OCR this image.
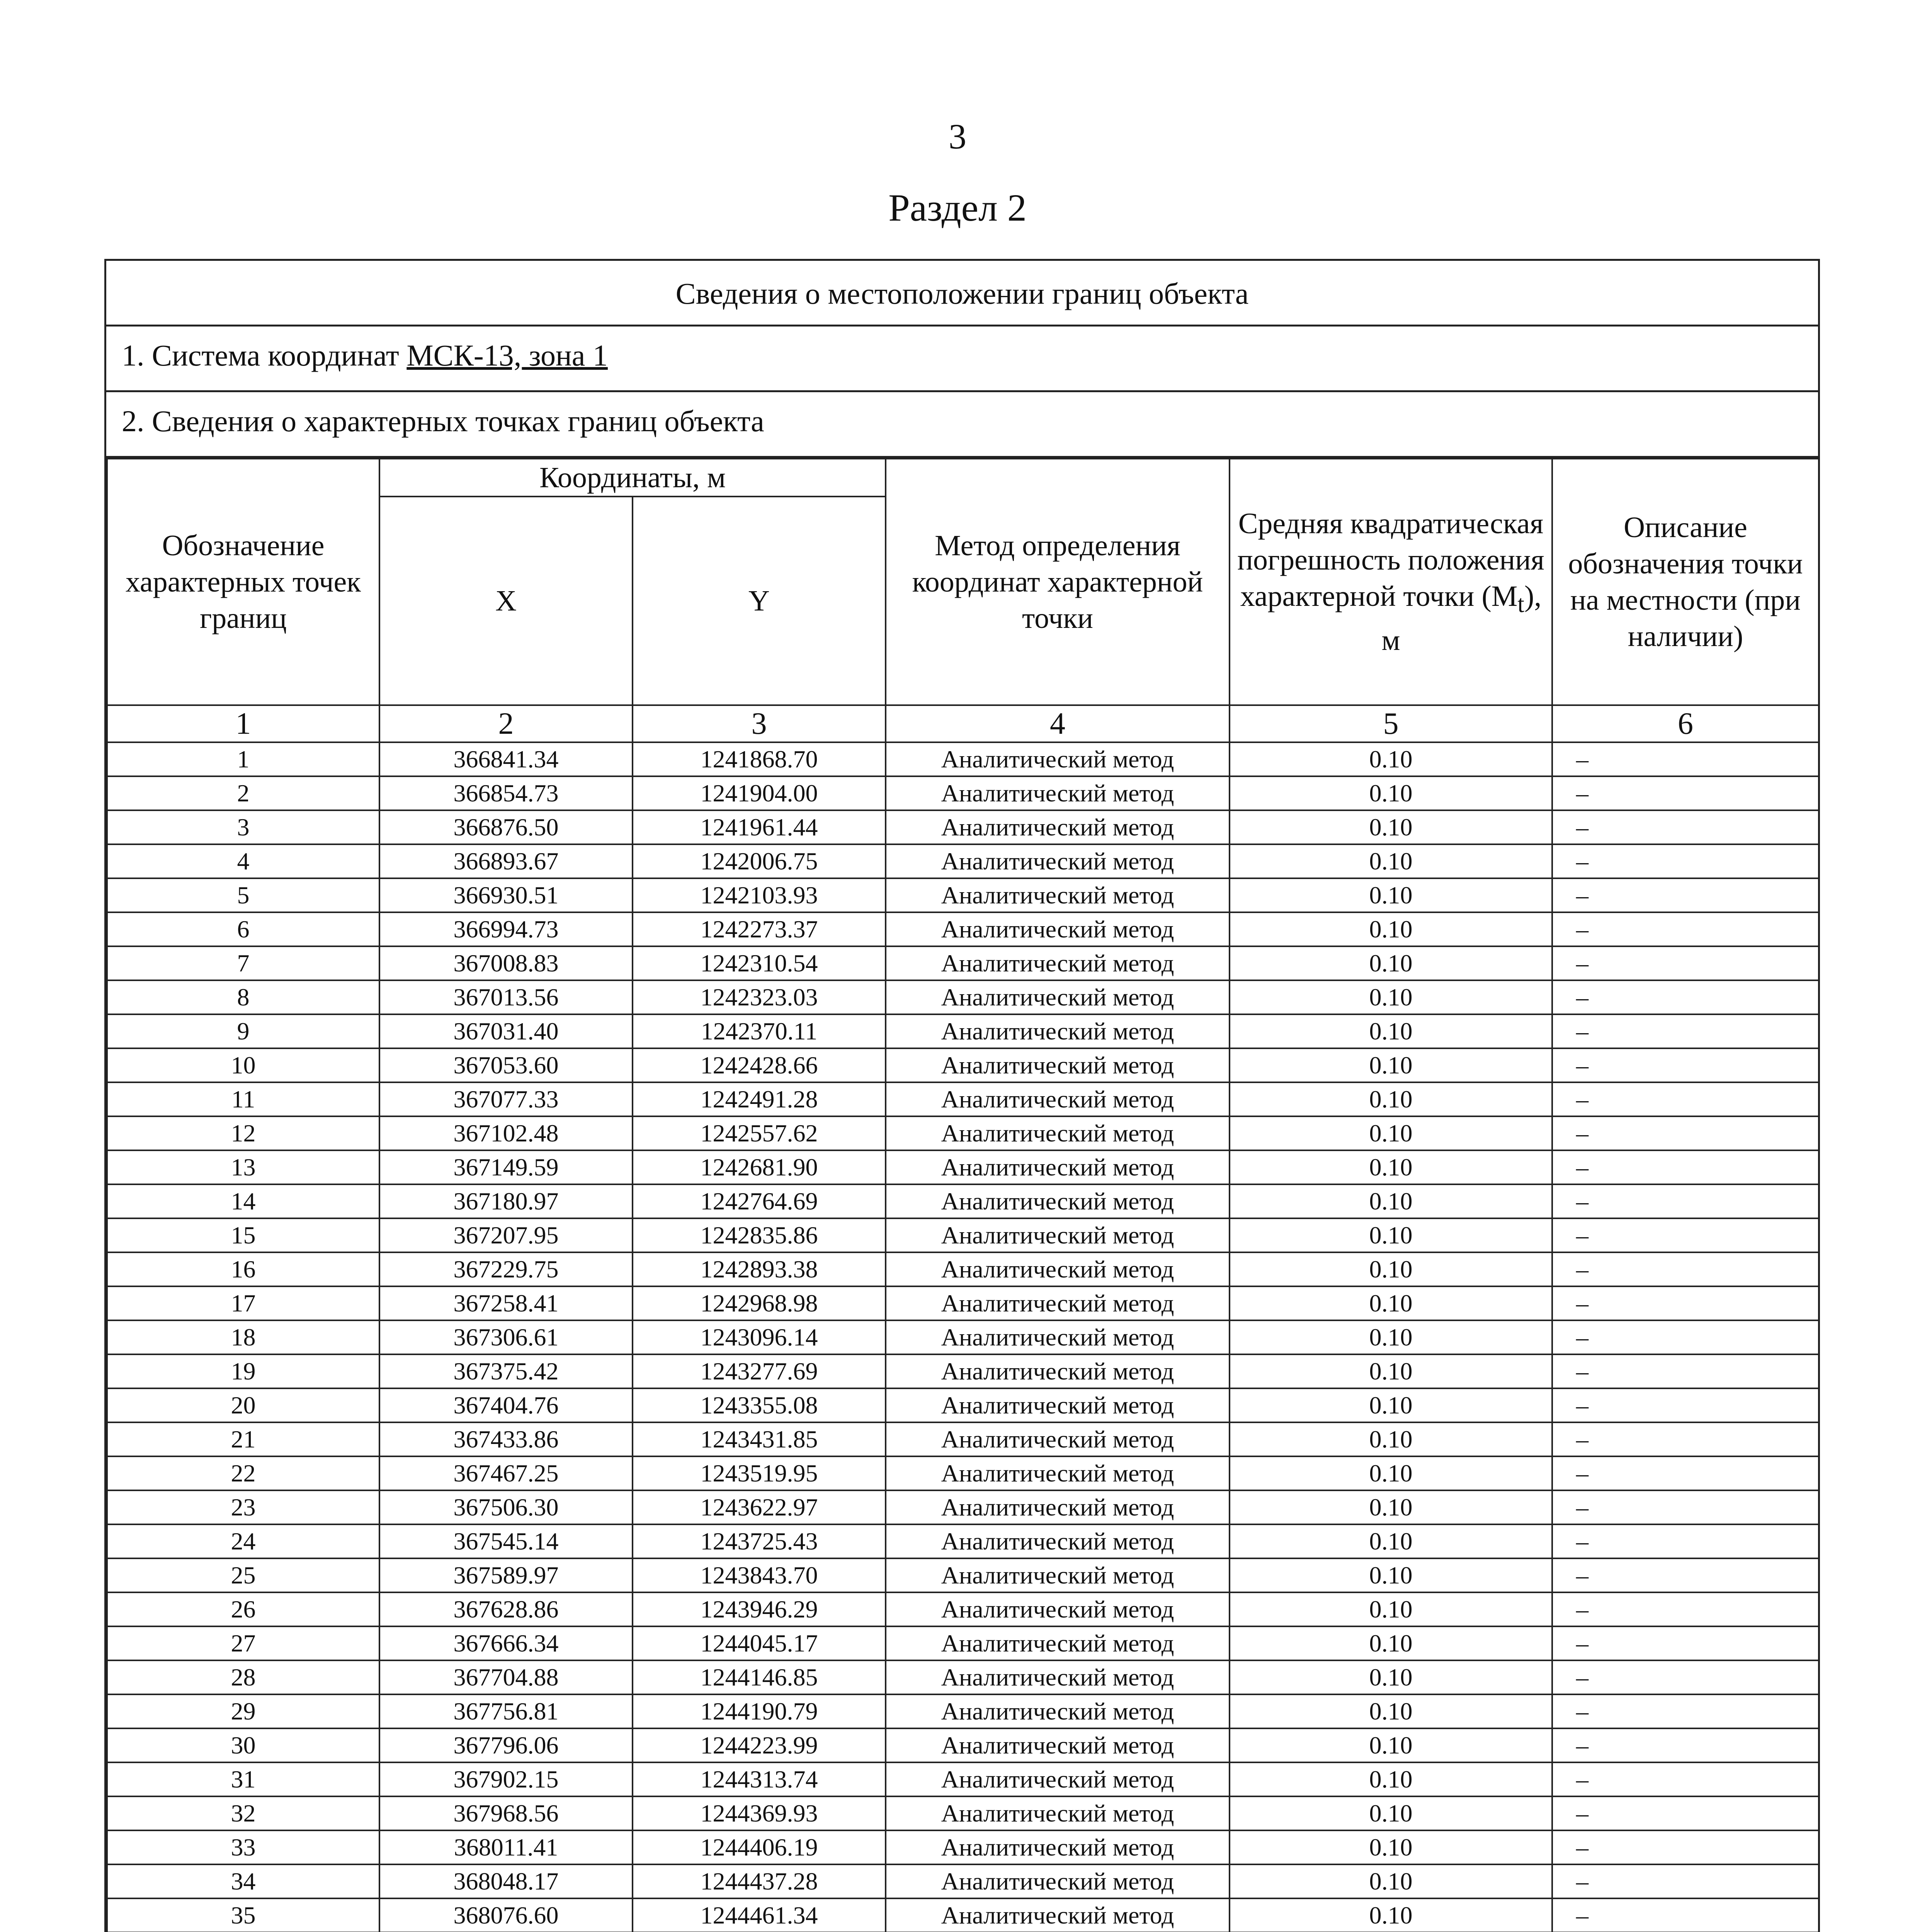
3
Раздел 2
Сведения о местоположении границ объекта
1. Система координат МСК-13, зона 1
2. Сведения о характерных точках границ объекта
Обозначение характерных точек границ	Координаты, м		Метод определения координат характерной точки	Средняя квадратическая погрешность положения характерной точки $(M_t)$, м	Описание обозначения точки на местности (при наличии)
	X	Y			
1	2	3	4	5	6
1	366841.34	1241868.70	Аналитический метод	0.10	–
2	366854.73	1241904.00	Аналитический метод	0.10	–
3	366876.50	1241961.44	Аналитический метод	0.10	–
4	366893.67	1242006.75	Аналитический метод	0.10	–
5	366930.51	1242103.93	Аналитический метод	0.10	–
6	366994.73	1242273.37	Аналитический метод	0.10	–
7	367008.83	1242310.54	Аналитический метод	0.10	–
8	367013.56	1242323.03	Аналитический метод	0.10	–
9	367031.40	1242370.11	Аналитический метод	0.10	–
10	367053.60	1242428.66	Аналитический метод	0.10	–
11	367077.33	1242491.28	Аналитический метод	0.10	–
12	367102.48	1242557.62	Аналитический метод	0.10	–
13	367149.59	1242681.90	Аналитический метод	0.10	–
14	367180.97	1242764.69	Аналитический метод	0.10	–
15	367207.95	1242835.86	Аналитический метод	0.10	–
16	367229.75	1242893.38	Аналитический метод	0.10	–
17	367258.41	1242968.98	Аналитический метод	0.10	–
18	367306.61	1243096.14	Аналитический метод	0.10	–
19	367375.42	1243277.69	Аналитический метод	0.10	–
20	367404.76	1243355.08	Аналитический метод	0.10	–
21	367433.86	1243431.85	Аналитический метод	0.10	–
22	367467.25	1243519.95	Аналитический метод	0.10	–
23	367506.30	1243622.97	Аналитический метод	0.10	–
24	367545.14	1243725.43	Аналитический метод	0.10	–
25	367589.97	1243843.70	Аналитический метод	0.10	–
26	367628.86	1243946.29	Аналитический метод	0.10	–
27	367666.34	1244045.17	Аналитический метод	0.10	–
28	367704.88	1244146.85	Аналитический метод	0.10	–
29	367756.81	1244190.79	Аналитический метод	0.10	–
30	367796.06	1244223.99	Аналитический метод	0.10	–
31	367902.15	1244313.74	Аналитический метод	0.10	–
32	367968.56	1244369.93	Аналитический метод	0.10	–
33	368011.41	1244406.19	Аналитический метод	0.10	–
34	368048.17	1244437.28	Аналитический метод	0.10	–
35	368076.60	1244461.34	Аналитический метод	0.10	–
